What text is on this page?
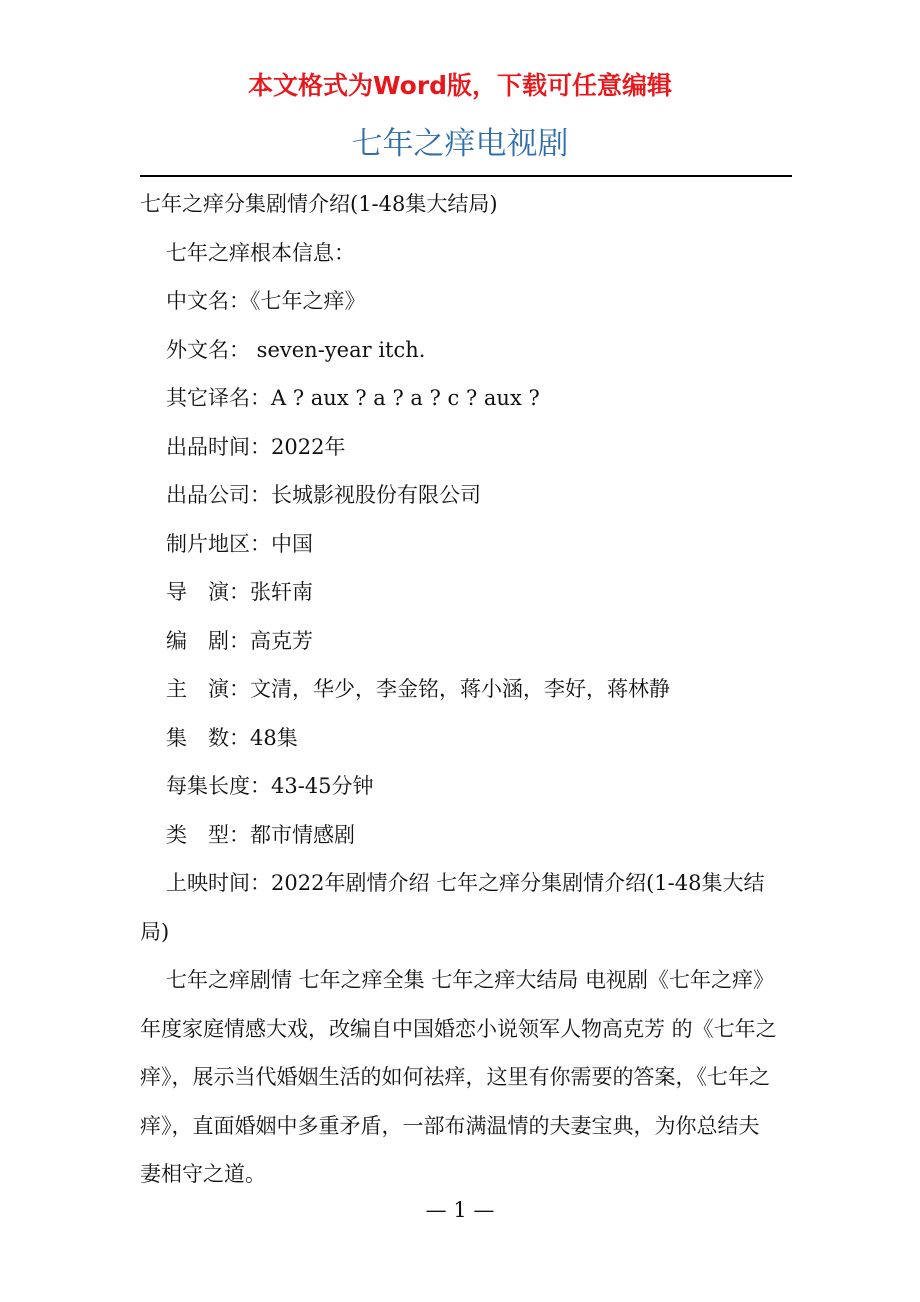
本文格式为Word版，下载可任意编辑
七年之痒电视剧
七年之痒分集剧情介绍(1-48集大结局)
七年之痒根本信息：
中文名：《七年之痒》
外文名： seven-year itch.
其它译名：A ? aux ? a ? a ? c ? aux ?
出品时间：2022年
出品公司：长城影视股份有限公司
制片地区：中国
导　演：张轩南
编　剧：高克芳
主　演：文清，华少，李金铭，蒋小涵，李好，蒋林静
集　数：48集
每集长度：43-45分钟
类　型：都市情感剧
上映时间：2022年剧情介绍 七年之痒分集剧情介绍(1-48集大结局)
七年之痒剧情 七年之痒全集 七年之痒大结局 电视剧《七年之痒》年度家庭情感大戏，改编自中国婚恋小说领军人物高克芳 的《七年之痒》，展示当代婚姻生活的如何祛痒，这里有你需要的答案，《七年之痒》，直面婚姻中多重矛盾，一部布满温情的夫妻宝典，为你总结夫妻相守之道。
— 1 —
